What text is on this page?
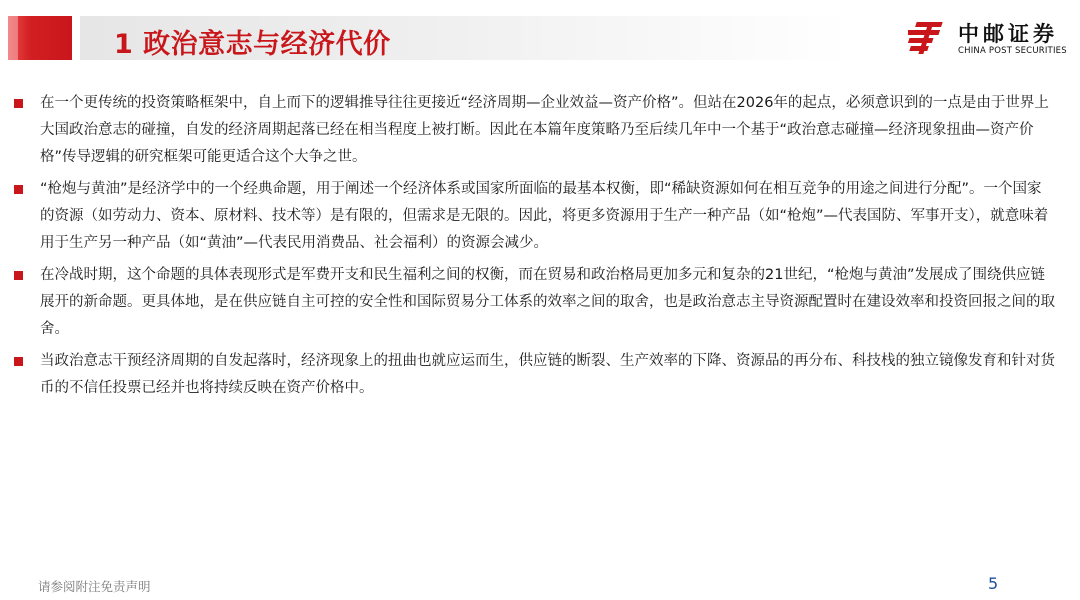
1 政治意志与经济代价	中邮证券
CHINA POST SECURITIES
在一个更传统的投资策略框架中，自上而下的逻辑推导往往更接近“经济周期—企业效益—资产价格”。但站在2026年的起点，必须意识到的一点是由于世界上大国政治意志的碰撞，自发的经济周期起落已经在相当程度上被打断。因此在本篇年度策略乃至后续几年中一个基于“政治意志碰撞—经济现象扭曲—资产价格”传导逻辑的研究框架可能更适合这个大争之世。
“枪炮与黄油”是经济学中的一个经典命题，用于阐述一个经济体系或国家所面临的最基本权衡，即“稀缺资源如何在相互竞争的用途之间进行分配”。一个国家的资源（如劳动力、资本、原材料、技术等）是有限的，但需求是无限的。因此，将更多资源用于生产一种产品（如“枪炮”—代表国防、军事开支），就意味着用于生产另一种产品（如“黄油”—代表民用消费品、社会福利）的资源会减少。
在冷战时期，这个命题的具体表现形式是军费开支和民生福利之间的权衡，而在贸易和政治格局更加多元和复杂的21世纪，“枪炮与黄油”发展成了围绕供应链展开的新命题。更具体地，是在供应链自主可控的安全性和国际贸易分工体系的效率之间的取舍，也是政治意志主导资源配置时在建设效率和投资回报之间的取舍。
当政治意志干预经济周期的自发起落时，经济现象上的扭曲也就应运而生，供应链的断裂、生产效率的下降、资源品的再分布、科技栈的独立镜像发育和针对货币的不信任投票已经并也将持续反映在资产价格中。
请参阅附注免责声明	5
